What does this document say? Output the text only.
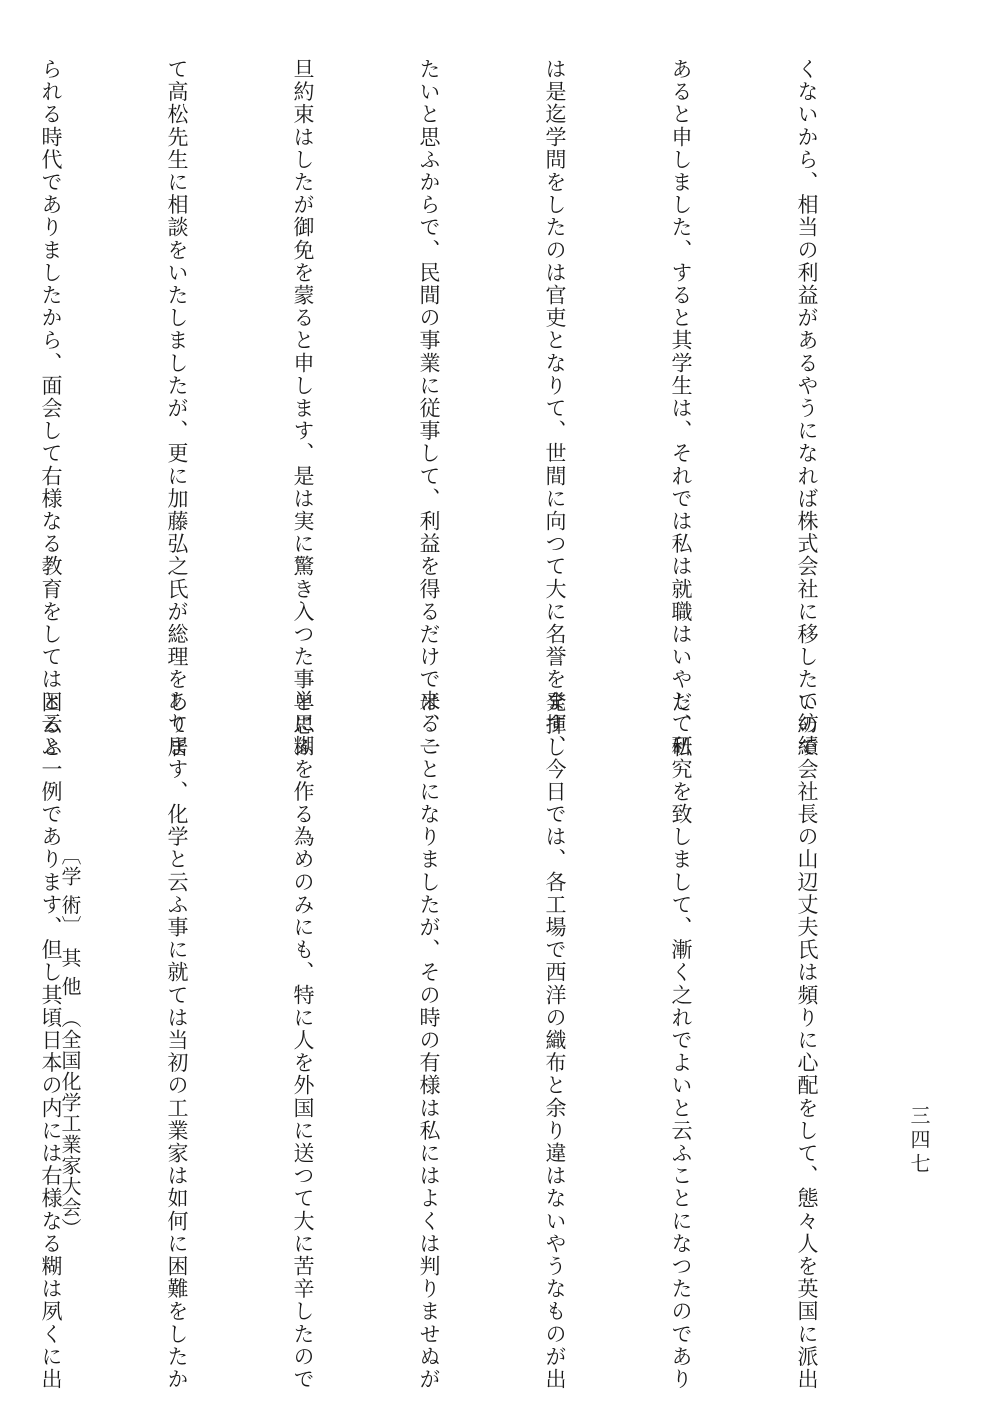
くないから、相当の利益があるやうになれば株式会社に移したいので

あると申しました、すると其学生は、それでは私は就職はいやだ、私

は是迄学問をしたのは官吏となりて、世間に向つて大に名誉を発揮し

たいと思ふからで、民間の事業に従事して、利益を得るだけでは、一

旦約束はしたが御免を蒙ると申します、是は実に驚き入つた事と思ふ

て高松先生に相談をいたしましたが、更に加藤弘之氏が総理をして居

られる時代でありましたから、面会して右様なる教育をしては困ると

て紡績会社長の山辺丈夫氏は頻りに心配をして、態々人を英国に派出

して研究を致しまして、漸く之れでよいと云ふことになつたのであり

ます、今日では、各工場で西洋の織布と余り違はないやうなものが出

来ることになりましたが、その時の有様は私にはよくは判りませぬが

単に糊を作る為めのみにも、特に人を外国に送つて大に苦辛したので

あります、化学と云ふ事に就ては当初の工業家は如何に困難をしたか

と云ふ一例であります、但し其頃日本の内には右様なる糊は夙くに出

〔学 術〕　其 他　（全国化学工業家大会）	三四七
